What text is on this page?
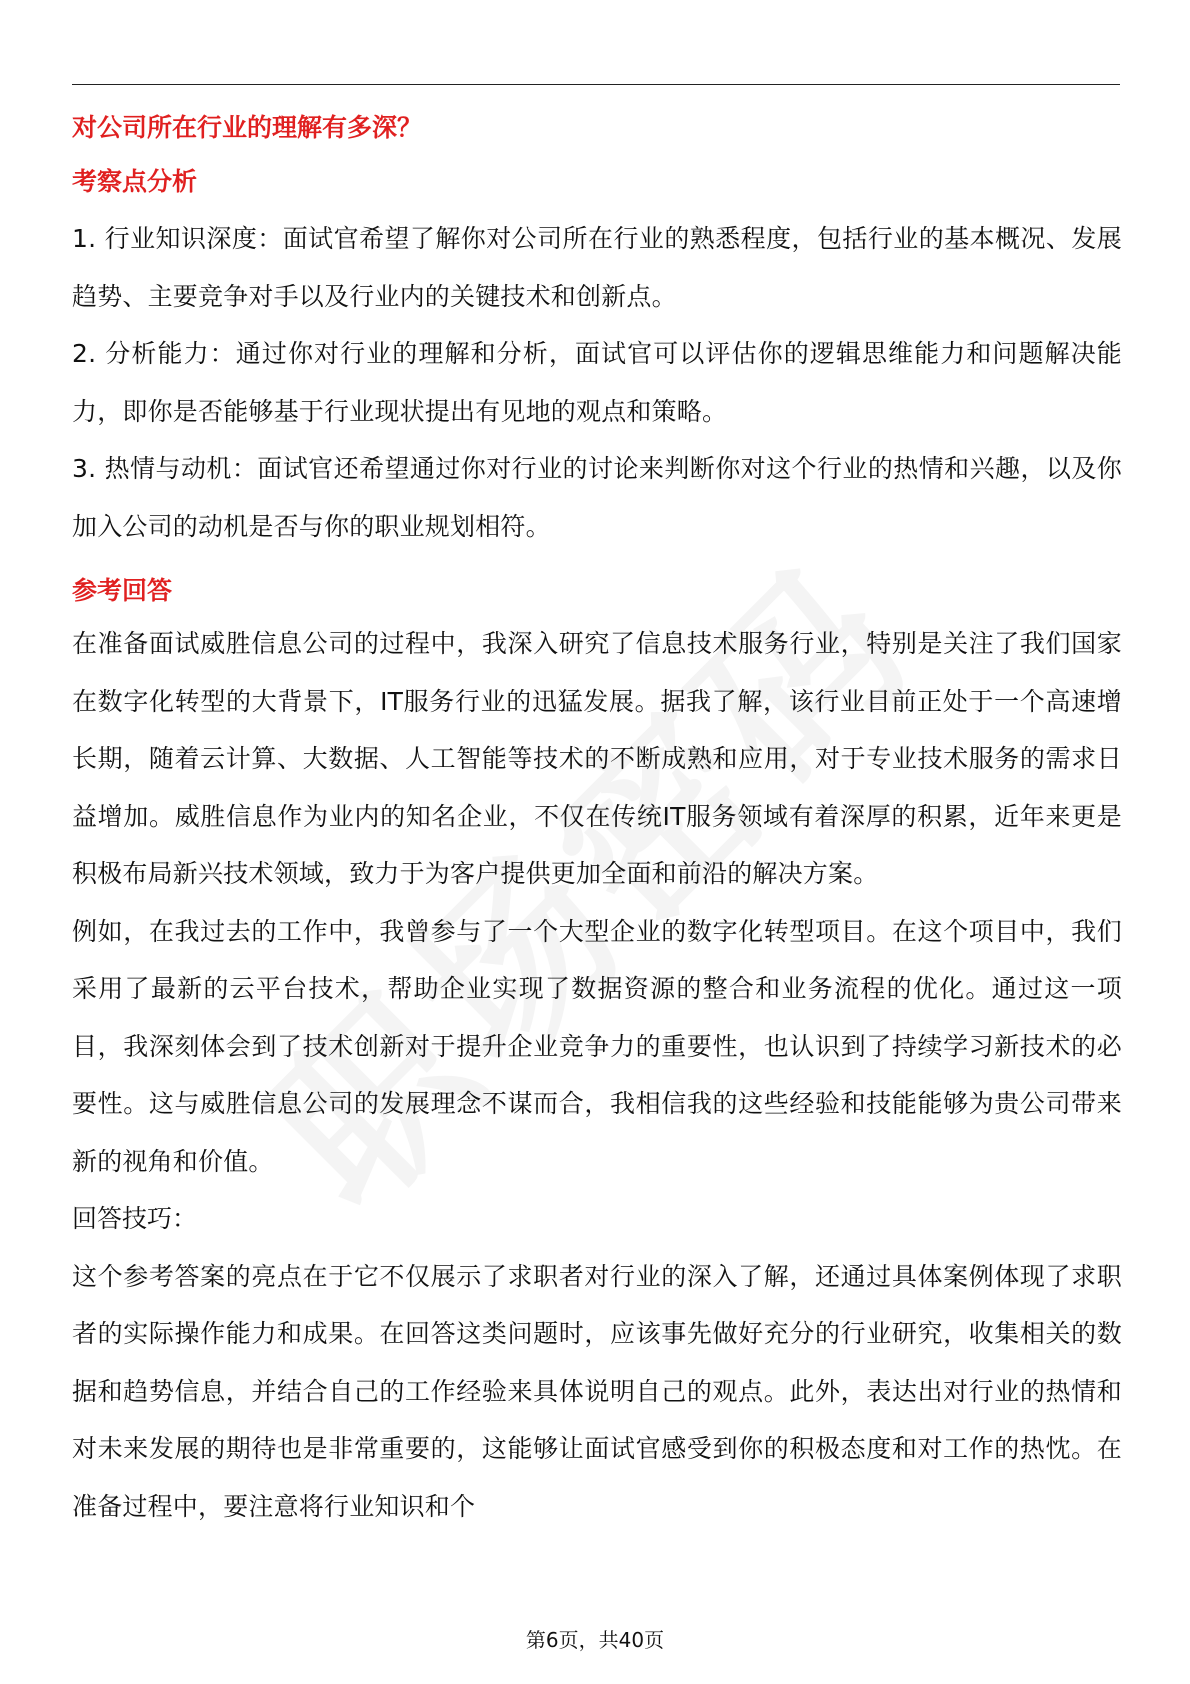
对公司所在行业的理解有多深？
考察点分析

1. 行业知识深度：面试官希望了解你对公司所在行业的熟悉程度，包括行业的基本概况、发展趋势、主要竞争对手以及行业内的关键技术和创新点。

2. 分析能力：通过你对行业的理解和分析，面试官可以评估你的逻辑思维能力和问题解决能力，即你是否能够基于行业现状提出有见地的观点和策略。

3. 热情与动机：面试官还希望通过你对行业的讨论来判断你对这个行业的热情和兴趣，以及你加入公司的动机是否与你的职业规划相符。

参考回答

在准备面试威胜信息公司的过程中，我深入研究了信息技术服务行业，特别是关注了我们国家在数字化转型的大背景下，IT服务行业的迅猛发展。据我了解，该行业目前正处于一个高速增长期，随着云计算、大数据、人工智能等技术的不断成熟和应用，对于专业技术服务的需求日益增加。威胜信息作为业内的知名企业，不仅在传统IT服务领域有着深厚的积累，近年来更是积极布局新兴技术领域，致力于为客户提供更加全面和前沿的解决方案。

例如，在我过去的工作中，我曾参与了一个大型企业的数字化转型项目。在这个项目中，我们采用了最新的云平台技术，帮助企业实现了数据资源的整合和业务流程的优化。通过这一项目，我深刻体会到了技术创新对于提升企业竞争力的重要性，也认识到了持续学习新技术的必要性。这与威胜信息公司的发展理念不谋而合，我相信我的这些经验和技能能够为贵公司带来新的视角和价值。

回答技巧：

这个参考答案的亮点在于它不仅展示了求职者对行业的深入了解，还通过具体案例体现了求职者的实际操作能力和成果。在回答这类问题时，应该事先做好充分的行业研究，收集相关的数据和趋势信息，并结合自己的工作经验来具体说明自己的观点。此外，表达出对行业的热情和对未来发展的期待也是非常重要的，这能够让面试官感受到你的积极态度和对工作的热忱。在准备过程中，要注意将行业知识和个

第6页，共40页
